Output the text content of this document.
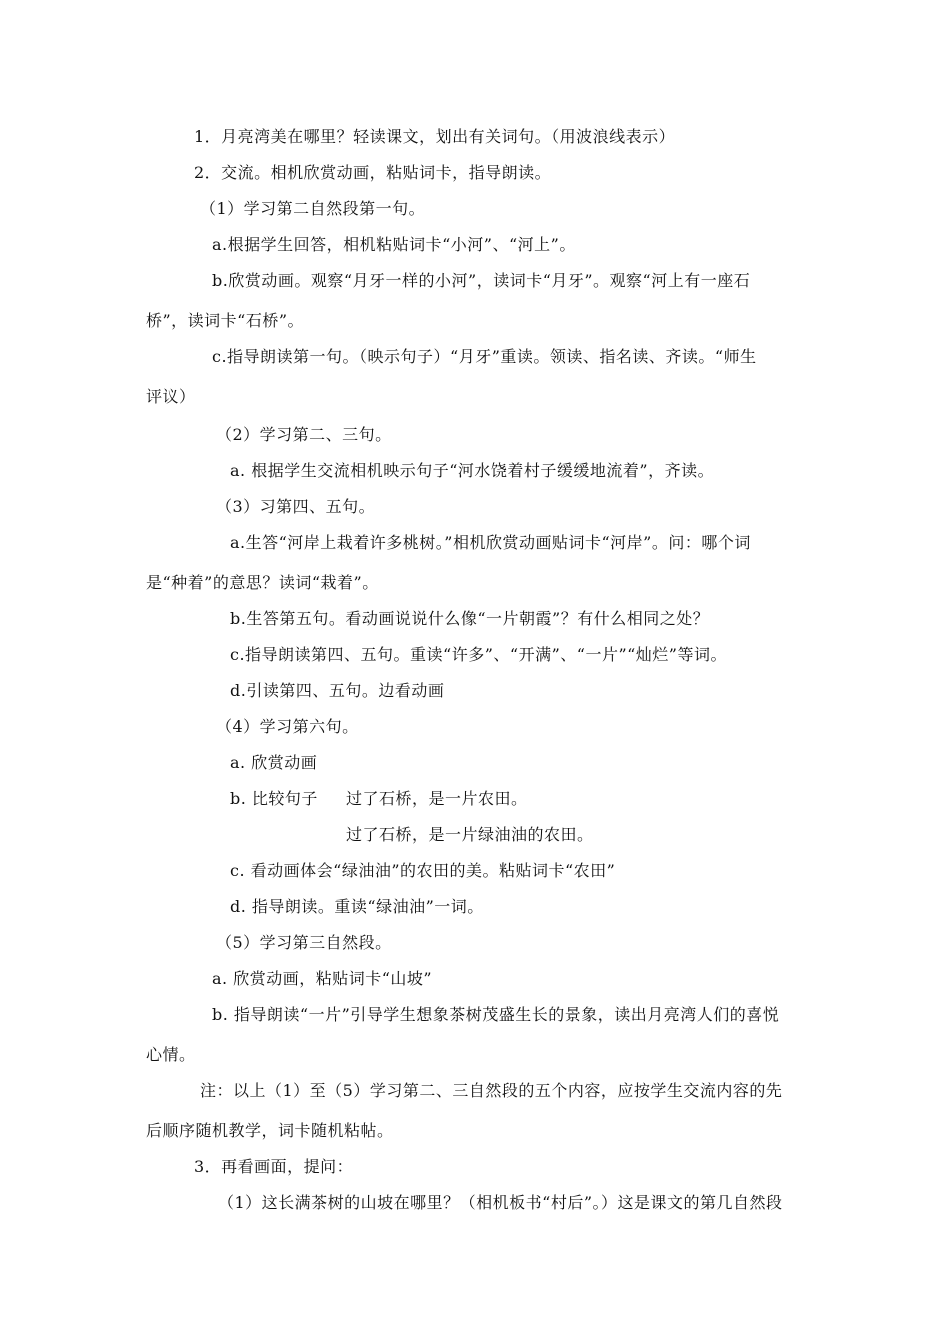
1．月亮湾美在哪里？轻读课文，划出有关词句。（用波浪线表示）
2．交流。相机欣赏动画，粘贴词卡，指导朗读。
（1）学习第二自然段第一句。
a.根据学生回答，相机粘贴词卡“小河”、“河上”。
b.欣赏动画。观察“月牙一样的小河”，读词卡“月牙”。观察“河上有一座石
桥”，读词卡“石桥”。
c.指导朗读第一句。（映示句子）“月牙”重读。领读、指名读、齐读。“师生
评议）
（2）学习第二、三句。
a. 根据学生交流相机映示句子“河水饶着村子缓缓地流着”，齐读。
（3）习第四、五句。
a.生答“河岸上栽着许多桃树。”相机欣赏动画贴词卡“河岸”。问：哪个词
是“种着”的意思？读词“栽着”。
b.生答第五句。看动画说说什么像“一片朝霞”？有什么相同之处？
c.指导朗读第四、五句。重读“许多”、“开满”、“一片”“灿烂”等词。
d.引读第四、五句。边看动画
（4）学习第六句。
a. 欣赏动画
b. 比较句子 过了石桥，是一片农田。
过了石桥，是一片绿油油的农田。
c. 看动画体会“绿油油”的农田的美。粘贴词卡“农田”
d. 指导朗读。重读“绿油油”一词。
（5）学习第三自然段。
a. 欣赏动画，粘贴词卡“山坡”
b. 指导朗读“一片”引导学生想象茶树茂盛生长的景象，读出月亮湾人们的喜悦
心情。
注：以上（1）至（5）学习第二、三自然段的五个内容，应按学生交流内容的先
后顺序随机教学，词卡随机粘帖。
3．再看画面，提问：
（1）这长满茶树的山坡在哪里？（相机板书“村后”。）这是课文的第几自然段
